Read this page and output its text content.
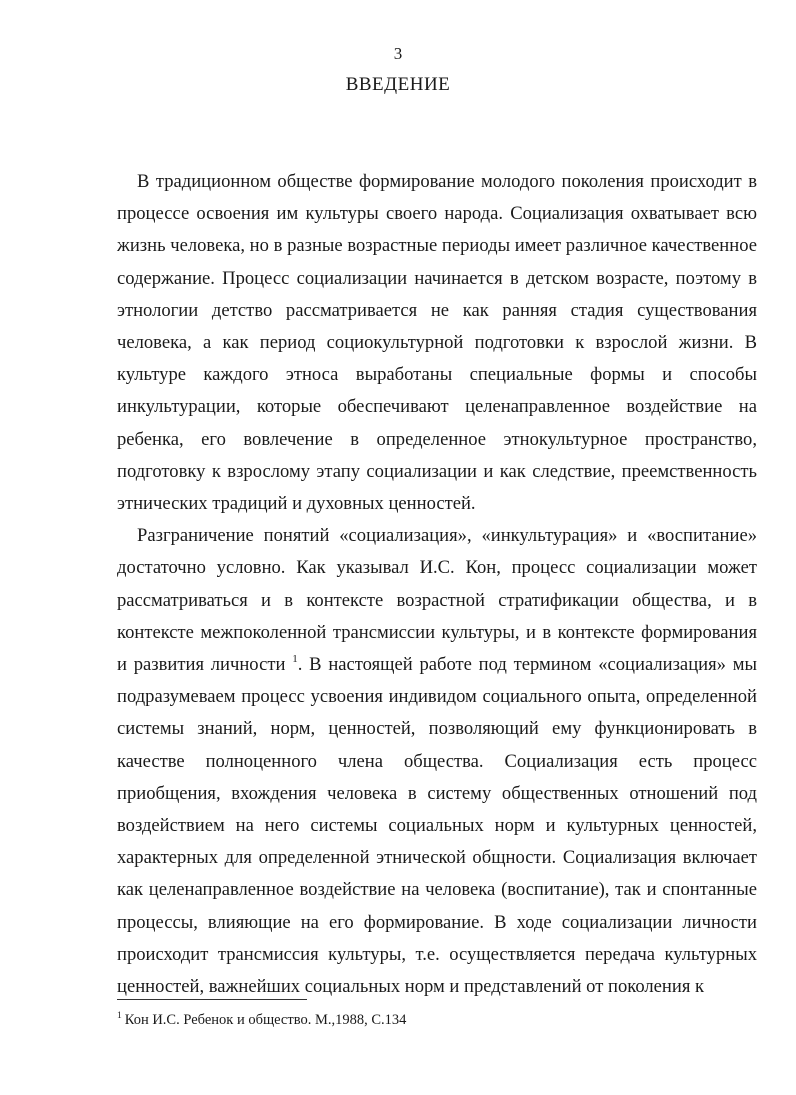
3
ВВЕДЕНИЕ

В традиционном обществе формирование молодого поколения происходит в процессе освоения им культуры своего народа. Социализация охватывает всю жизнь человека, но в разные возрастные периоды имеет различное качественное содержание. Процесс социализации начинается в детском возрасте, поэтому в этнологии детство рассматривается не как ранняя стадия существования человека, а как период социокультурной подготовки к взрослой жизни. В культуре каждого этноса выработаны специальные формы и способы инкультурации, которые обеспечивают целенаправленное воздействие на ребенка, его вовлечение в определенное этнокультурное пространство, подготовку к взрослому этапу социализации и как следствие, преемственность этнических традиций и духовных ценностей.

Разграничение понятий «социализация», «инкультурация» и «воспитание» достаточно условно. Как указывал И.С. Кон, процесс социализации может рассматриваться и в контексте возрастной стратификации общества, и в контексте межпоколенной трансмиссии культуры, и в контексте формирования и развития личности $^1$. В настоящей работе под термином «социализация» мы подразумеваем процесс усвоения индивидом социального опыта, определенной системы знаний, норм, ценностей, позволяющий ему функционировать в качестве полноценного члена общества. Социализация есть процесс приобщения, вхождения человека в систему общественных отношений под воздействием на него системы социальных норм и культурных ценностей, характерных для определенной этнической общности. Социализация включает как целенаправленное воздействие на человека (воспитание), так и спонтанные процессы, влияющие на его формирование. В ходе социализации личности происходит трансмиссия культуры, т.е. осуществляется передача культурных ценностей, важнейших социальных норм и представлений от поколения к

$^1$ Кон И.С. Ребенок и общество. М.,1988, С.134
